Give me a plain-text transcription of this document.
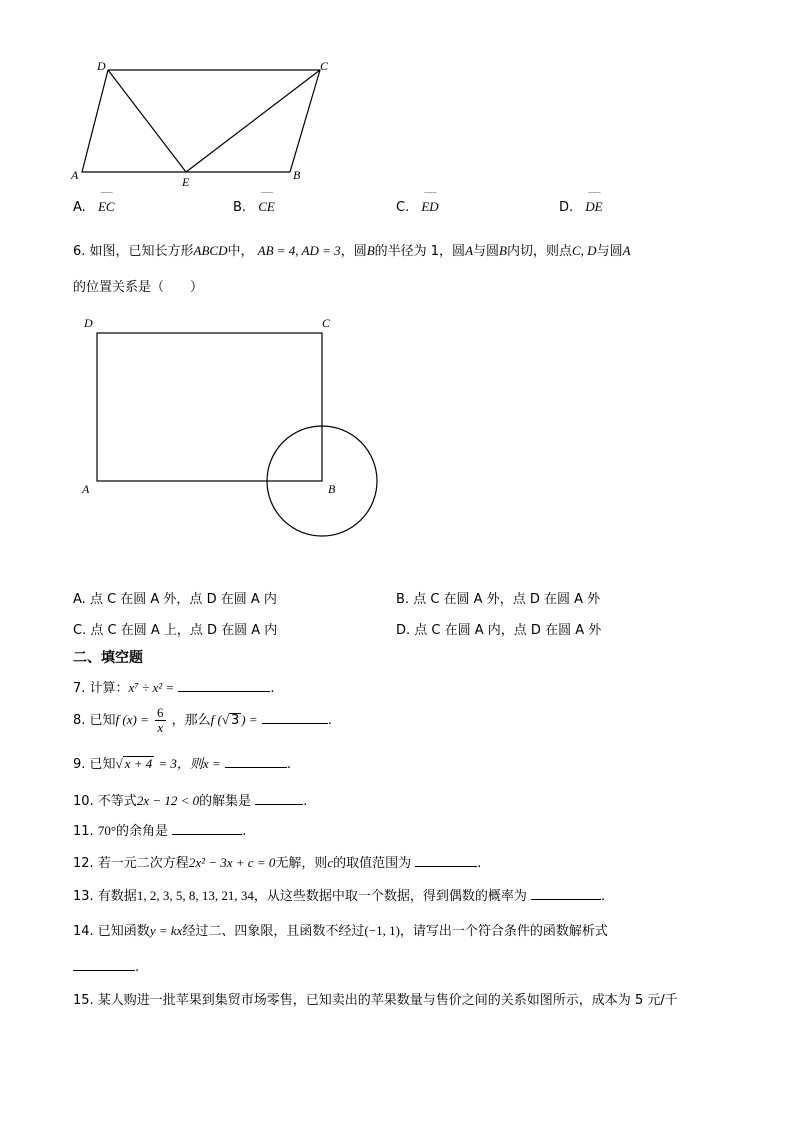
D	C
A	E	B
A.
⌒⌒
EC	B.
⌒⌒
CE	C.
⌒⌒
ED	D.
⌒⌒
DE
6. 如图，已知长方形ABCD中， AB = 4, AD = 3，圆B的半径为 1，圆A与圆B内切，则点C, D与圆A
的位置关系是（　　）
D	C
A	B
A. 点 C 在圆 A 外，点 D 在圆 A 内	B. 点 C 在圆 A 外，点 D 在圆 A 外
C. 点 C 在圆 A 上，点 D 在圆 A 内	D. 点 C 在圆 A 内，点 D 在圆 A 外
二、填空题
7. 计算：x⁷ ÷ x² =	.
8. 已知f $(x) = \frac{6}{x}$ ，那么f (√ 3 ) =	.
9. 已知√ x + 4 = 3，则x =	.
10. 不等式2x − 12 < 0的解集是	.
11. 70°的余角是	.
12. 若一元二次方程2x² − 3x + c = 0无解，则c的取值范围为	.
13. 有数据1, 2, 3, 5, 8, 13, 21, 34，从这些数据中取一个数据，得到偶数的概率为	.
14. 已知函数y = kx经过二、四象限，且函数不经过(−1, 1)，请写出一个符合条件的函数解析式
.
15. 某人购进一批苹果到集贸市场零售，已知卖出的苹果数量与售价之间的关系如图所示，成本为 5 元/千
